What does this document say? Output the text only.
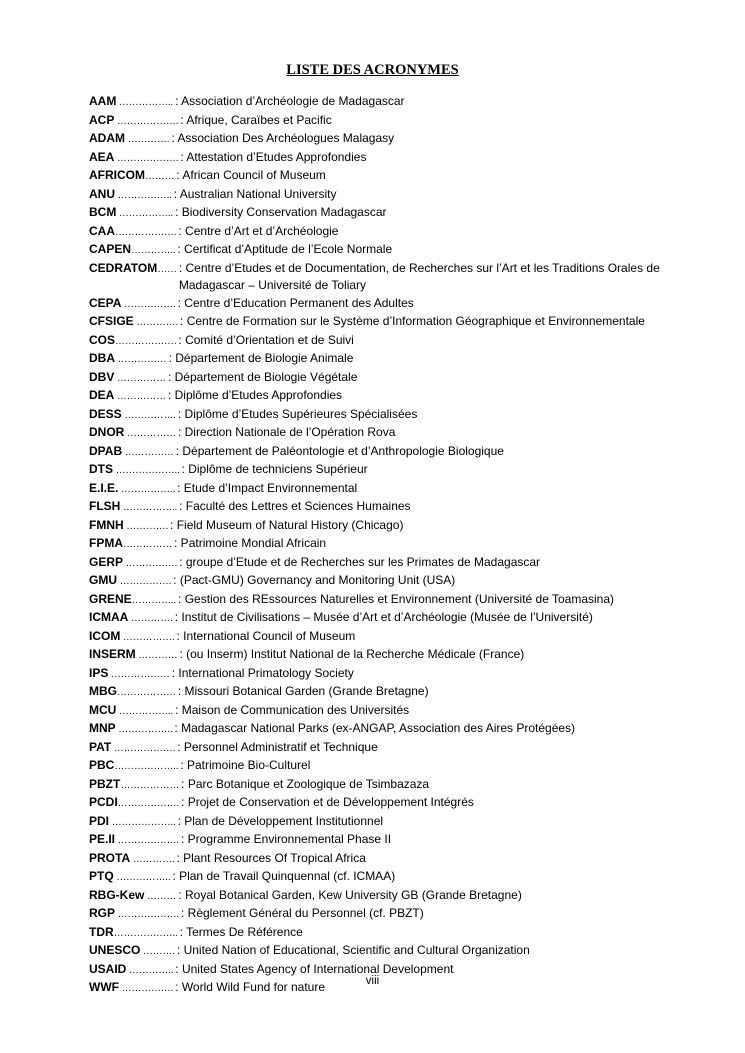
LISTE DES ACRONYMES
AAM …………….. : Association d’Archéologie de Madagascar
ACP ………………. : Afrique, Caraïbes et Pacific
ADAM …………. : Association Des Archéologues Malagasy
AEA ………………. : Attestation d’Etudes Approfondies
AFRICOM……… : African Council of Museum
ANU …………….. : Australian National University
BCM …………….. : Biodiversity Conservation Madagascar
CAA………………. : Centre d’Art et d’Archéologie
CAPEN………….. : Certificat d’Aptitude de l’Ecole Normale
CEDRATOM…… : Centre d’Etudes et de Documentation, de Recherches sur l’Art et les Traditions Orales de Madagascar – Université de Toliary
CEPA ……………. : Centre d’Education Permanent des Adultes
CFSIGE …………. : Centre de Formation sur le Système d’Information Géographique et Environnementale
COS………………. : Comité d’Orientation et de Suivi
DBA …………… : Département de Biologie Animale
DBV …………… : Département de Biologie Végétale
DEA …………… : Diplôme d’Etudes Approfondies
DESS ……………. : Diplôme d’Etudes Supérieures Spécialisées
DNOR …………… : Direction Nationale de l’Opération Rova
DPAB …………… : Département de Paléontologie et d’Anthropologie Biologique
DTS ……………….. : Diplôme de techniciens Supérieur
E.I.E. …………….. : Etude d’Impact Environnemental
FLSH …………….. : Faculté des Lettres et Sciences Humaines
FMNH …………. : Field Museum of Natural History (Chicago)
FPMA…………… : Patrimoine Mondial Africain
GERP ……………. : groupe d’Etude et de Recherches sur les Primates de Madagascar
GMU ……………. : (Pact-GMU) Governancy and Monitoring Unit (USA)
GRENE………….. : Gestion des REssources Naturelles et Environnement (Université de Toamasina)
ICMAA …………. : Institut de Civilisations – Musée d’Art et d’Archéologie (Musée de l’Université)
ICOM ……………. : International Council of Museum
INSERM ………… : (ou Inserm) Institut National de la Recherche Médicale (France)
IPS ……………… : International Primatology Society
MBG……………… : Missouri Botanical Garden (Grande Bretagne)
MCU …………….. : Maison de Communication des Universités
MNP …………….. : Madagascar National Parks (ex-ANGAP, Association des Aires Protégées)
PAT ………………. : Personnel Administratif et Technique
PBC……………….. : Patrimoine Bio-Culturel
PBZT……………… : Parc Botanique et Zoologique de Tsimbazaza
PCDI………………. : Projet de Conservation et de Développement Intégrés
PDI ……………….. : Plan de Développement Institutionnel
PE.II ………………. : Programme Environnemental Phase II
PROTA …………. : Plant Resources Of Tropical Africa
PTQ …………….. : Plan de Travail Quinquennal (cf. ICMAA)
RBG-Kew ……… : Royal Botanical Garden, Kew University GB (Grande Bretagne)
RGP ………………. : Règlement Général du Personnel (cf. PBZT)
TDR……………….. : Termes De Référence
UNESCO ………. : United Nation of Educational, Scientific and Cultural Organization
USAID ………….. : United States Agency of International Development
WWF ……………. : World Wild Fund for nature	viii
